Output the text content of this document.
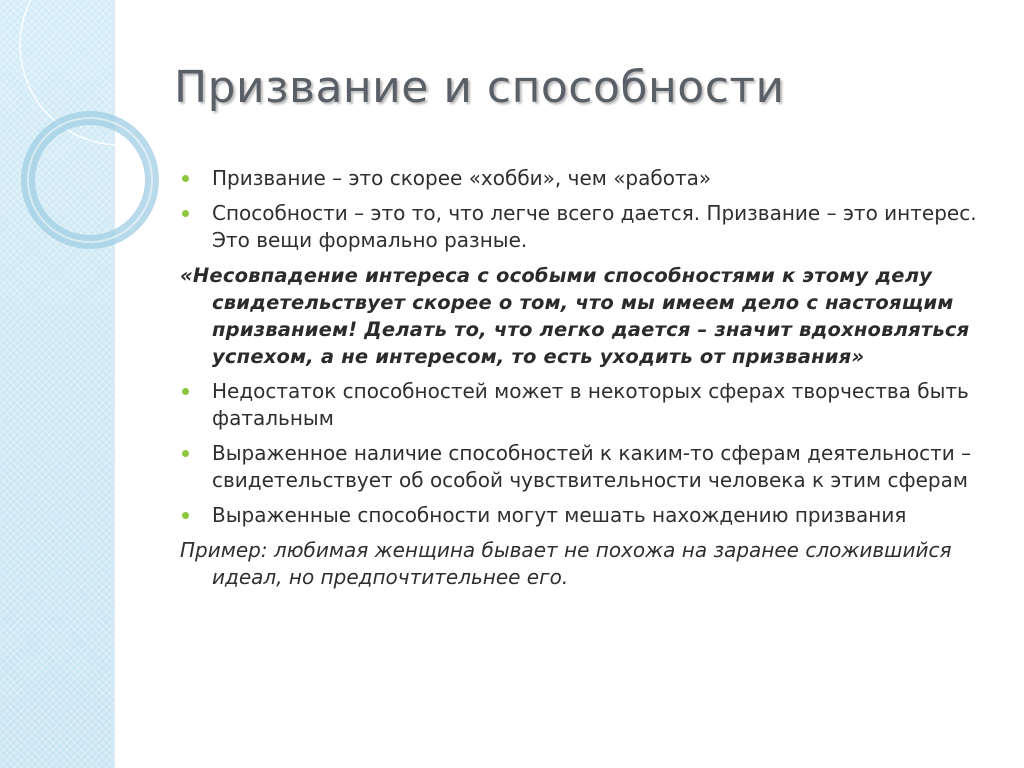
Призвание и способности
Призвание – это скорее «хобби», чем «работа»
Способности – это то, что легче всего дается. Призвание – это интерес. Это вещи формально разные.
«Несовпадение интереса с особыми способностями к этому делу свидетельствует скорее о том, что мы имеем дело с настоящим призванием! Делать то, что легко дается – значит вдохновляться успехом, а не интересом, то есть уходить от призвания»
Недостаток способностей может в некоторых сферах творчества быть фатальным
Выраженное наличие способностей к каким-то сферам деятельности – свидетельствует об особой чувствительности человека к этим сферам
Выраженные способности могут мешать нахождению призвания
Пример: любимая женщина бывает не похожа на заранее сложившийся идеал, но предпочтительнее его.
